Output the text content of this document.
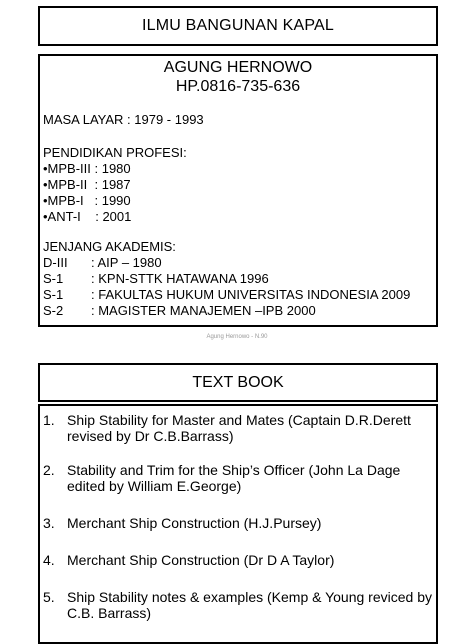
ILMU BANGUNAN KAPAL
AGUNG HERNOWO
HP.0816-735-636
MASA LAYAR : 1979 - 1993
PENDIDIKAN PROFESI:
•MPB-III : 1980
•MPB-II  : 1987
•MPB-I   : 1990
•ANT-I    : 2001
JENJANG AKADEMIS:
D-III : AIP – 1980
S-1 : KPN-STTK HATAWANA 1996
S-1 : FAKULTAS HUKUM UNIVERSITAS INDONESIA 2009
S-2 : MAGISTER MANAJEMEN –IPB 2000
Agung Hernowo - N.90
TEXT BOOK
1. Ship Stability for Master and Mates (Captain D.R.Derett revised by Dr C.B.Barrass)
2. Stability and Trim for the Ship’s Officer (John La Dage edited by William E.George)
3. Merchant Ship Construction (H.J.Pursey)
4. Merchant Ship Construction (Dr D A Taylor)
5. Ship Stability notes & examples (Kemp & Young reviced by C.B. Barrass)
